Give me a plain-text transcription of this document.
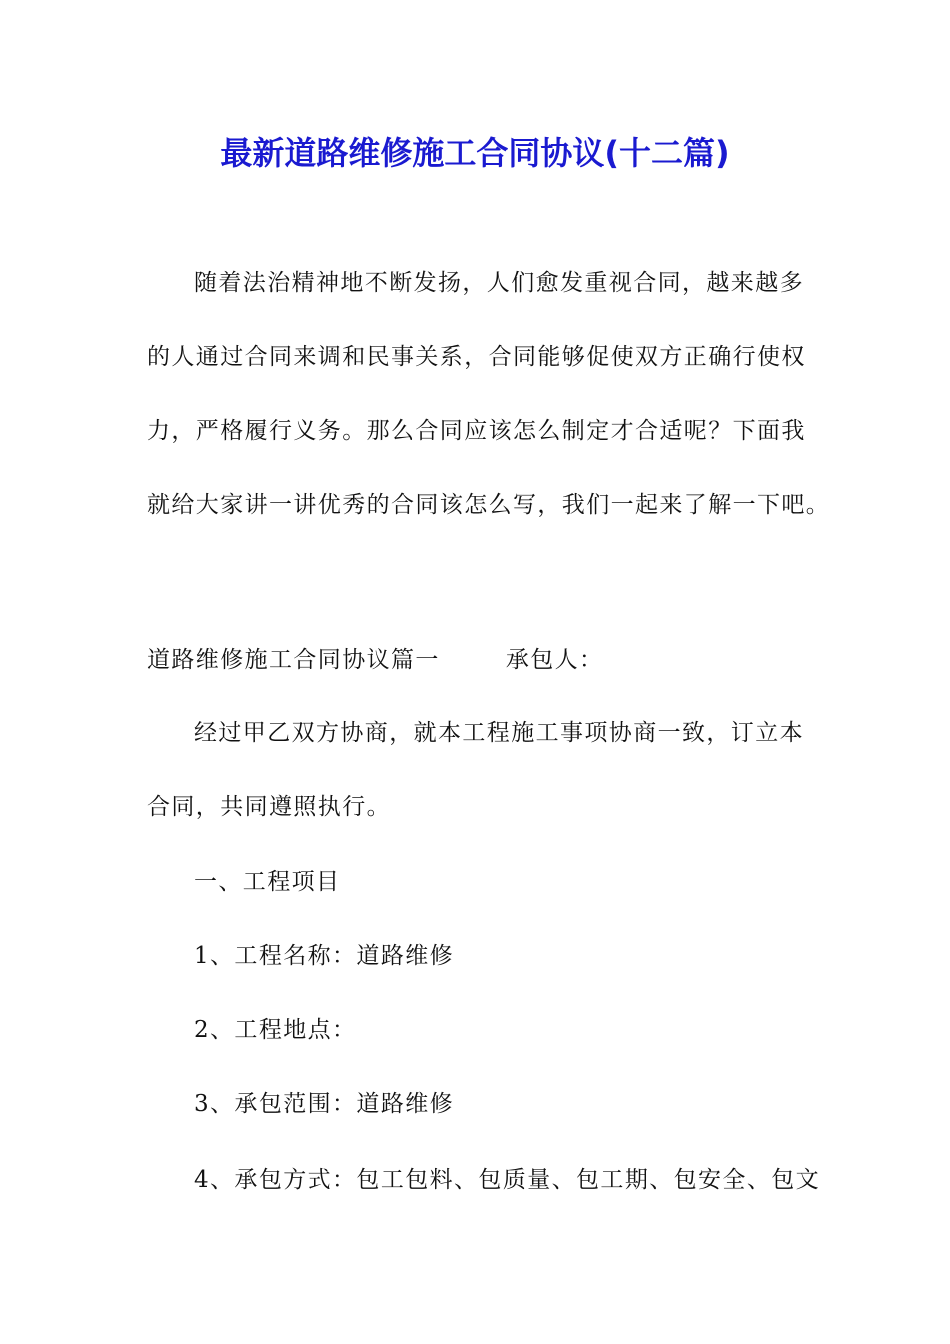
最新道路维修施工合同协议(十二篇)
随着法治精神地不断发扬，人们愈发重视合同，越来越多
的人通过合同来调和民事关系，合同能够促使双方正确行使权
力，严格履行义务。那么合同应该怎么制定才合适呢？下面我
就给大家讲一讲优秀的合同该怎么写，我们一起来了解一下吧。
道路维修施工合同协议篇一	承包人：
经过甲乙双方协商，就本工程施工事项协商一致，订立本
合同，共同遵照执行。
一、工程项目
1、工程名称：道路维修
2、工程地点：
3、承包范围：道路维修
4、承包方式：包工包料、包质量、包工期、包安全、包文
